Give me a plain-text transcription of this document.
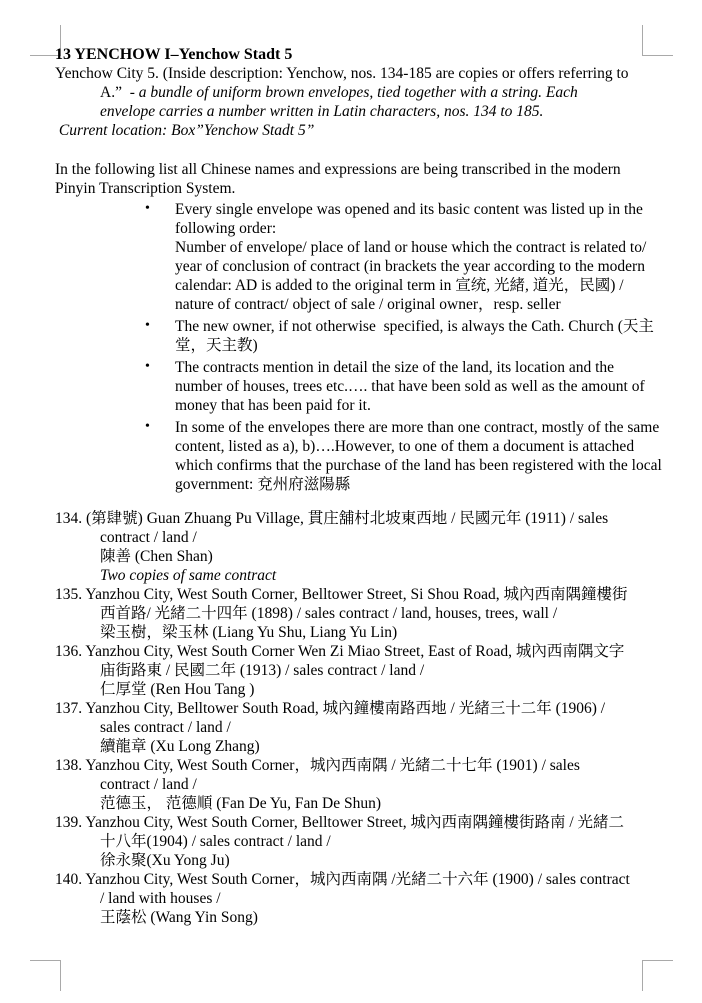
13 YENCHOW I–Yenchow Stadt 5
Yenchow City 5. (Inside description: Yenchow, nos. 134-185 are copies or offers referring to
A.”  - a bundle of uniform brown envelopes, tied together with a string. Each
envelope carries a number written in Latin characters, nos. 134 to 185.
Current location: Box”Yenchow Stadt 5”
In the following list all Chinese names and expressions are being transcribed in the modern
Pinyin Transcription System.
• Every single envelope was opened and its basic content was listed up in the
following order:
Number of envelope/ place of land or house which the contract is related to/
year of conclusion of contract (in brackets the year according to the modern
calendar: AD is added to the original term in 宣统, 光緒, 道光，民國) /
nature of contract/ object of sale / original owner，resp. seller
• The new owner, if not otherwise  specified, is always the Cath. Church (天主
堂，天主教)
• The contracts mention in detail the size of the land, its location and the
number of houses, trees etc.…. that have been sold as well as the amount of
money that has been paid for it.
• In some of the envelopes there are more than one contract, mostly of the same
content, listed as a), b)….However, to one of them a document is attached
which confirms that the purchase of the land has been registered with the local
government: 兗州府滋陽縣
134. (第肆號) Guan Zhuang Pu Village, 貫庄舖村北坡東西地 / 民國元年 (1911) / sales
contract / land /
陳善 (Chen Shan)
Two copies of same contract
135. Yanzhou City, West South Corner, Belltower Street, Si Shou Road, 城內西南隅鐘樓街
西首路/ 光緒二十四年 (1898) / sales contract / land, houses, trees, wall /
梁玉樹，梁玉林 (Liang Yu Shu, Liang Yu Lin)
136. Yanzhou City, West South Corner Wen Zi Miao Street, East of Road, 城內西南隅文字
庙街路東 / 民國二年 (1913) / sales contract / land /
仁厚堂 (Ren Hou Tang )
137. Yanzhou City, Belltower South Road, 城內鐘樓南路西地 / 光緒三十二年 (1906) /
sales contract / land /
續龍章 (Xu Long Zhang)
138. Yanzhou City, West South Corner，城內西南隅 / 光緒二十七年 (1901) / sales
contract / land /
范德玉， 范德順 (Fan De Yu, Fan De Shun)
139. Yanzhou City, West South Corner, Belltower Street, 城內西南隅鐘樓街路南 / 光緒二
十八年(1904) / sales contract / land /
徐永聚(Xu Yong Ju)
140. Yanzhou City, West South Corner，城內西南隅 /光緒二十六年 (1900) / sales contract
/ land with houses /
王蔭松 (Wang Yin Song)
